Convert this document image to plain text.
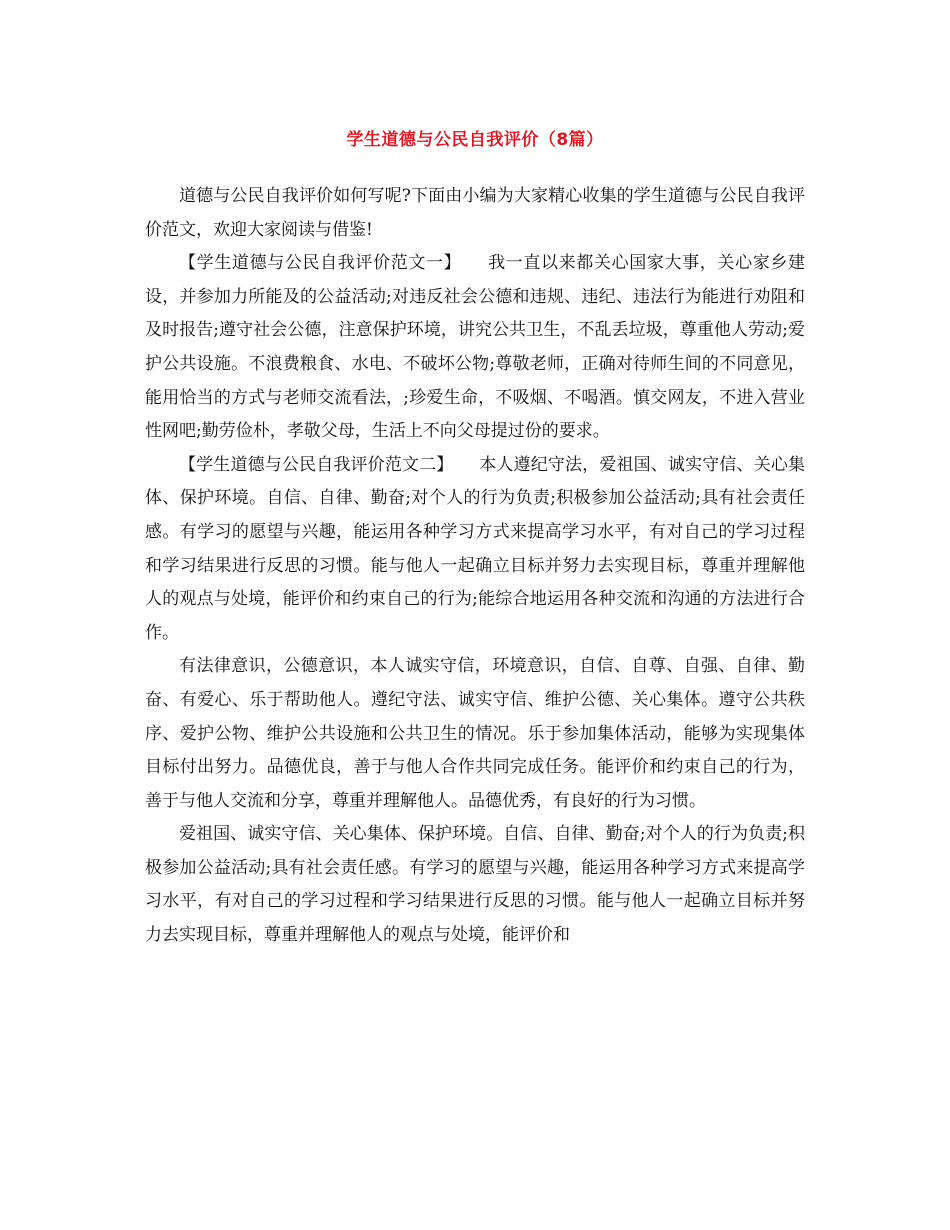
学生道德与公民自我评价（8篇）

道德与公民自我评价如何写呢?下面由小编为大家精心收集的学生道德与公民自我评价范文，欢迎大家阅读与借鉴!

【学生道德与公民自我评价范文一】　　我一直以来都关心国家大事，关心家乡建设，并参加力所能及的公益活动;对违反社会公德和违规、违纪、违法行为能进行劝阻和及时报告;遵守社会公德，注意保护环境，讲究公共卫生，不乱丢垃圾，尊重他人劳动;爱护公共设施。不浪费粮食、水电、不破坏公物;尊敬老师，正确对待师生间的不同意见，能用恰当的方式与老师交流看法，;珍爱生命，不吸烟、不喝酒。慎交网友，不进入营业性网吧;勤劳俭朴，孝敬父母，生活上不向父母提过份的要求。

【学生道德与公民自我评价范文二】　　本人遵纪守法，爱祖国、诚实守信、关心集体、保护环境。自信、自律、勤奋;对个人的行为负责;积极参加公益活动;具有社会责任感。有学习的愿望与兴趣，能运用各种学习方式来提高学习水平，有对自己的学习过程和学习结果进行反思的习惯。能与他人一起确立目标并努力去实现目标，尊重并理解他人的观点与处境，能评价和约束自己的行为;能综合地运用各种交流和沟通的方法进行合作。

有法律意识，公德意识，本人诚实守信，环境意识，自信、自尊、自强、自律、勤奋、有爱心、乐于帮助他人。遵纪守法、诚实守信、维护公德、关心集体。遵守公共秩序、爱护公物、维护公共设施和公共卫生的情况。乐于参加集体活动，能够为实现集体目标付出努力。品德优良，善于与他人合作共同完成任务。能评价和约束自己的行为，善于与他人交流和分享，尊重并理解他人。品德优秀，有良好的行为习惯。

爱祖国、诚实守信、关心集体、保护环境。自信、自律、勤奋;对个人的行为负责;积极参加公益活动;具有社会责任感。有学习的愿望与兴趣，能运用各种学习方式来提高学习水平，有对自己的学习过程和学习结果进行反思的习惯。能与他人一起确立目标并努力去实现目标，尊重并理解他人的观点与处境，能评价和
